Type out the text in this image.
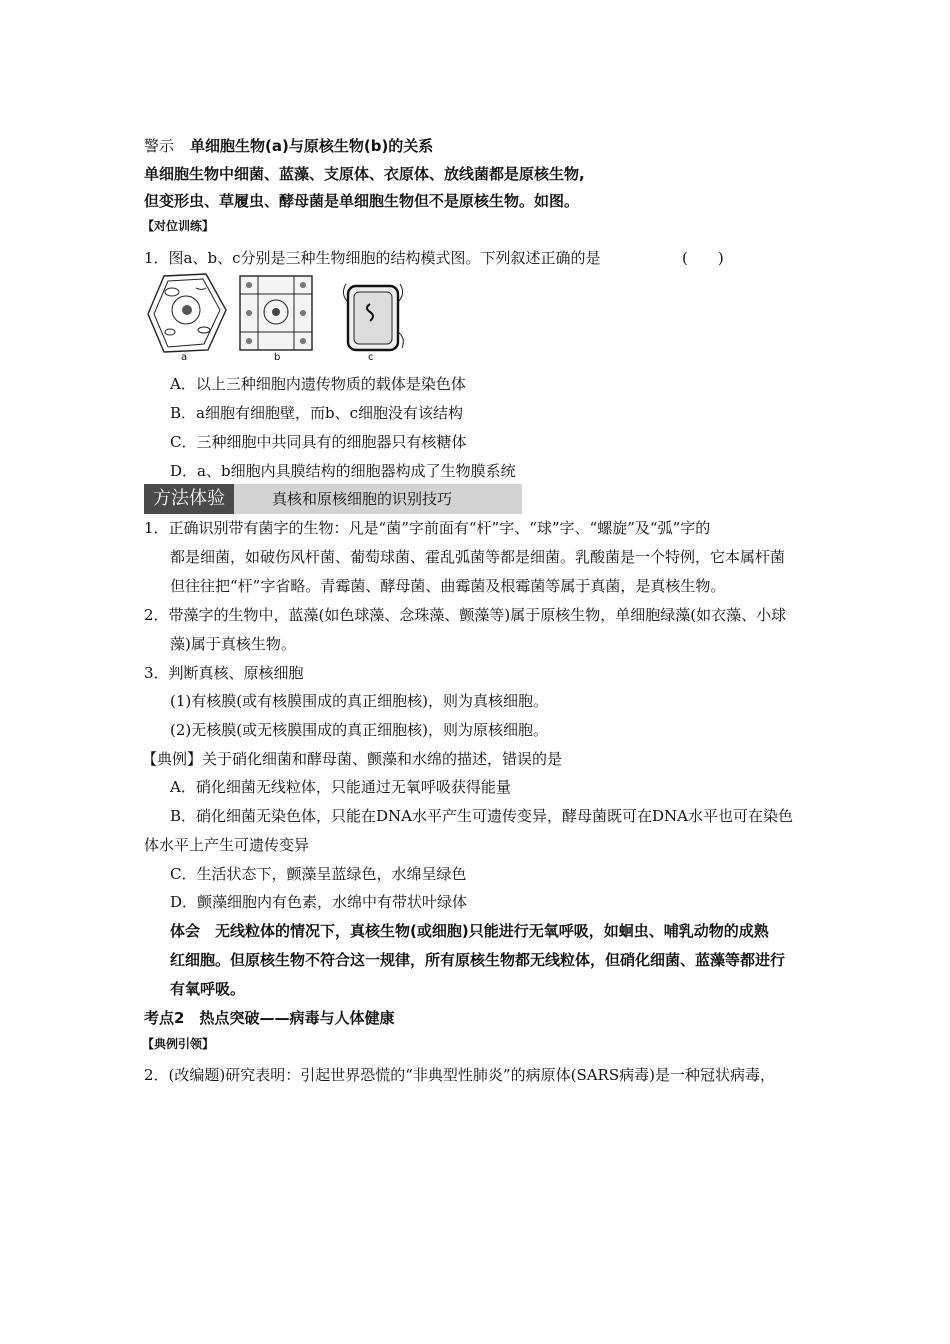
警示 单细胞生物(a)与原核生物(b)的关系
单细胞生物中细菌、蓝藻、支原体、衣原体、放线菌都是原核生物,
但变形虫、草履虫、酵母菌是单细胞生物但不是原核生物。如图。
【对位训练】
1．图a、b、c分别是三种生物细胞的结构模式图。下列叙述正确的是	(　　)
a	b	c
A．以上三种细胞内遗传物质的载体是染色体
B．a细胞有细胞壁，而b、c细胞没有该结构
C．三种细胞中共同具有的细胞器只有核糖体
D．a、b细胞内具膜结构的细胞器构成了生物膜系统
方法体验	真核和原核细胞的识别技巧
1．正确识别带有菌字的生物：凡是“菌”字前面有“杆”字、“球”字、“螺旋”及“弧”字的
都是细菌，如破伤风杆菌、葡萄球菌、霍乱弧菌等都是细菌。乳酸菌是一个特例，它本属杆菌
但往往把“杆”字省略。青霉菌、酵母菌、曲霉菌及根霉菌等属于真菌，是真核生物。
2．带藻字的生物中，蓝藻(如色球藻、念珠藻、颤藻等)属于原核生物，单细胞绿藻(如衣藻、小球
藻)属于真核生物。
3．判断真核、原核细胞
(1)有核膜(或有核膜围成的真正细胞核)，则为真核细胞。
(2)无核膜(或无核膜围成的真正细胞核)，则为原核细胞。
【典例】关于硝化细菌和酵母菌、颤藻和水绵的描述，错误的是
A．硝化细菌无线粒体，只能通过无氧呼吸获得能量
B．硝化细菌无染色体，只能在DNA水平产生可遗传变异，酵母菌既可在DNA水平也可在染色
体水平上产生可遗传变异
C．生活状态下，颤藻呈蓝绿色，水绵呈绿色
D．颤藻细胞内有色素，水绵中有带状叶绿体
体会　无线粒体的情况下，真核生物(或细胞)只能进行无氧呼吸，如蛔虫、哺乳动物的成熟
红细胞。但原核生物不符合这一规律，所有原核生物都无线粒体，但硝化细菌、蓝藻等都进行
有氧呼吸。
考点2　热点突破——病毒与人体健康
【典例引领】
2．(改编题)研究表明：引起世界恐慌的“非典型性肺炎”的病原体(SARS病毒)是一种冠状病毒，
